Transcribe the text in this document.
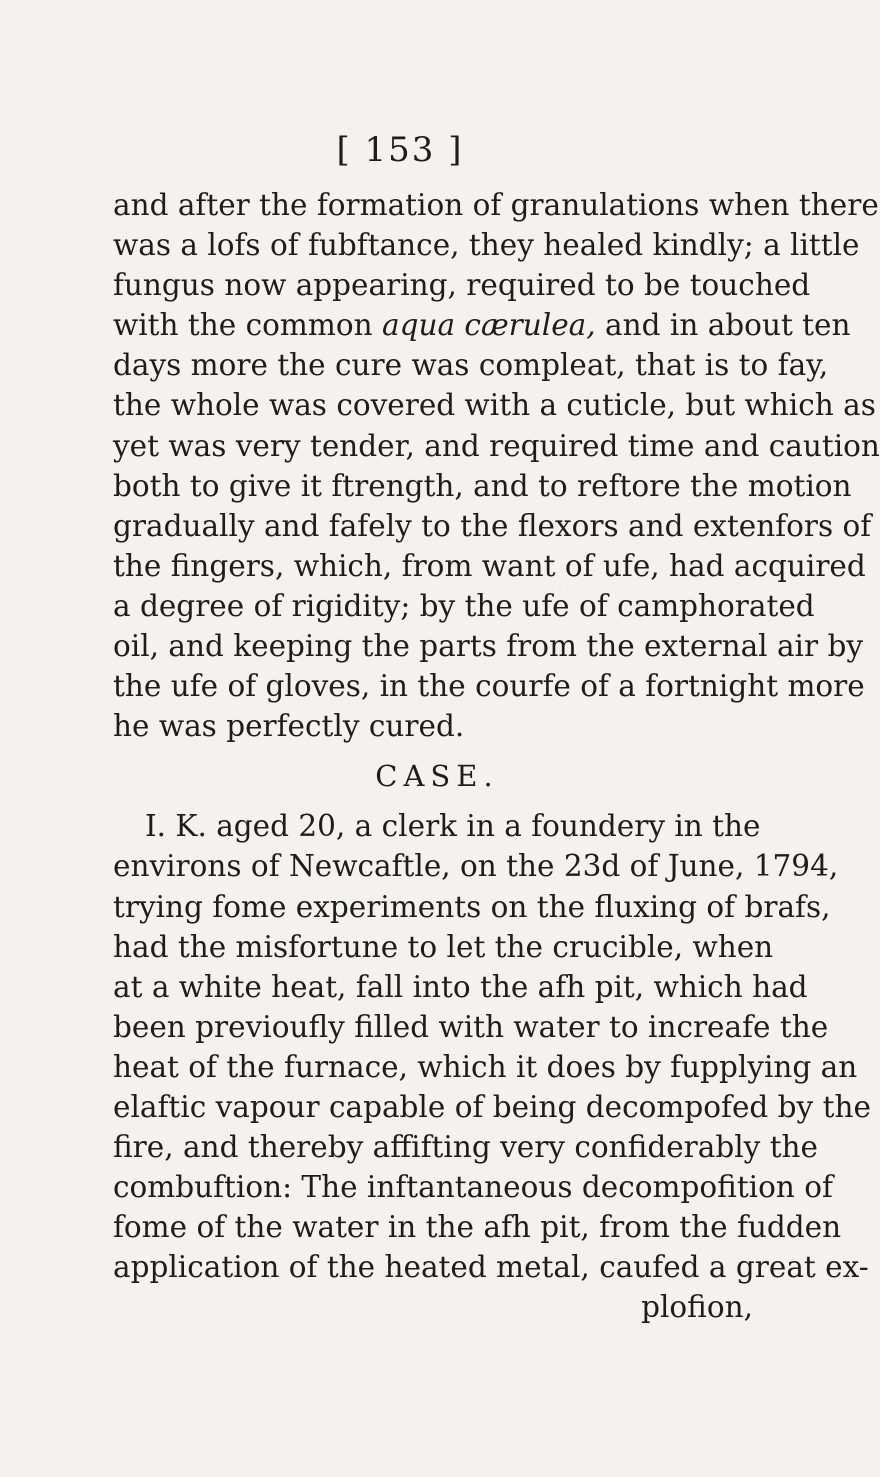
[ 153 ]
and after the formation of granulations when there
was a lofs of fubftance, they healed kindly; a little
fungus now appearing, required to be touched
with the common aqua cærulea, and in about ten
days more the cure was compleat, that is to fay,
the whole was covered with a cuticle, but which as
yet was very tender, and required time and caution
both to give it ftrength, and to reftore the motion
gradually and fafely to the flexors and extenfors of
the fingers, which, from want of ufe, had acquired
a degree of rigidity; by the ufe of camphorated
oil, and keeping the parts from the external air by
the ufe of gloves, in the courfe of a fortnight more
he was perfectly cured.
CASE.
I. K. aged 20, a clerk in a foundery in the
environs of Newcaftle, on the 23d of June, 1794,
trying fome experiments on the fluxing of brafs,
had the misfortune to let the crucible, when
at a white heat, fall into the afh pit, which had
been previoufly filled with water to increafe the
heat of the furnace, which it does by fupplying an
elaftic vapour capable of being decompofed by the
fire, and thereby affifting very confiderably the
combuftion: The inftantaneous decompofition of
fome of the water in the afh pit, from the fudden
application of the heated metal, caufed a great ex-
plofion,
